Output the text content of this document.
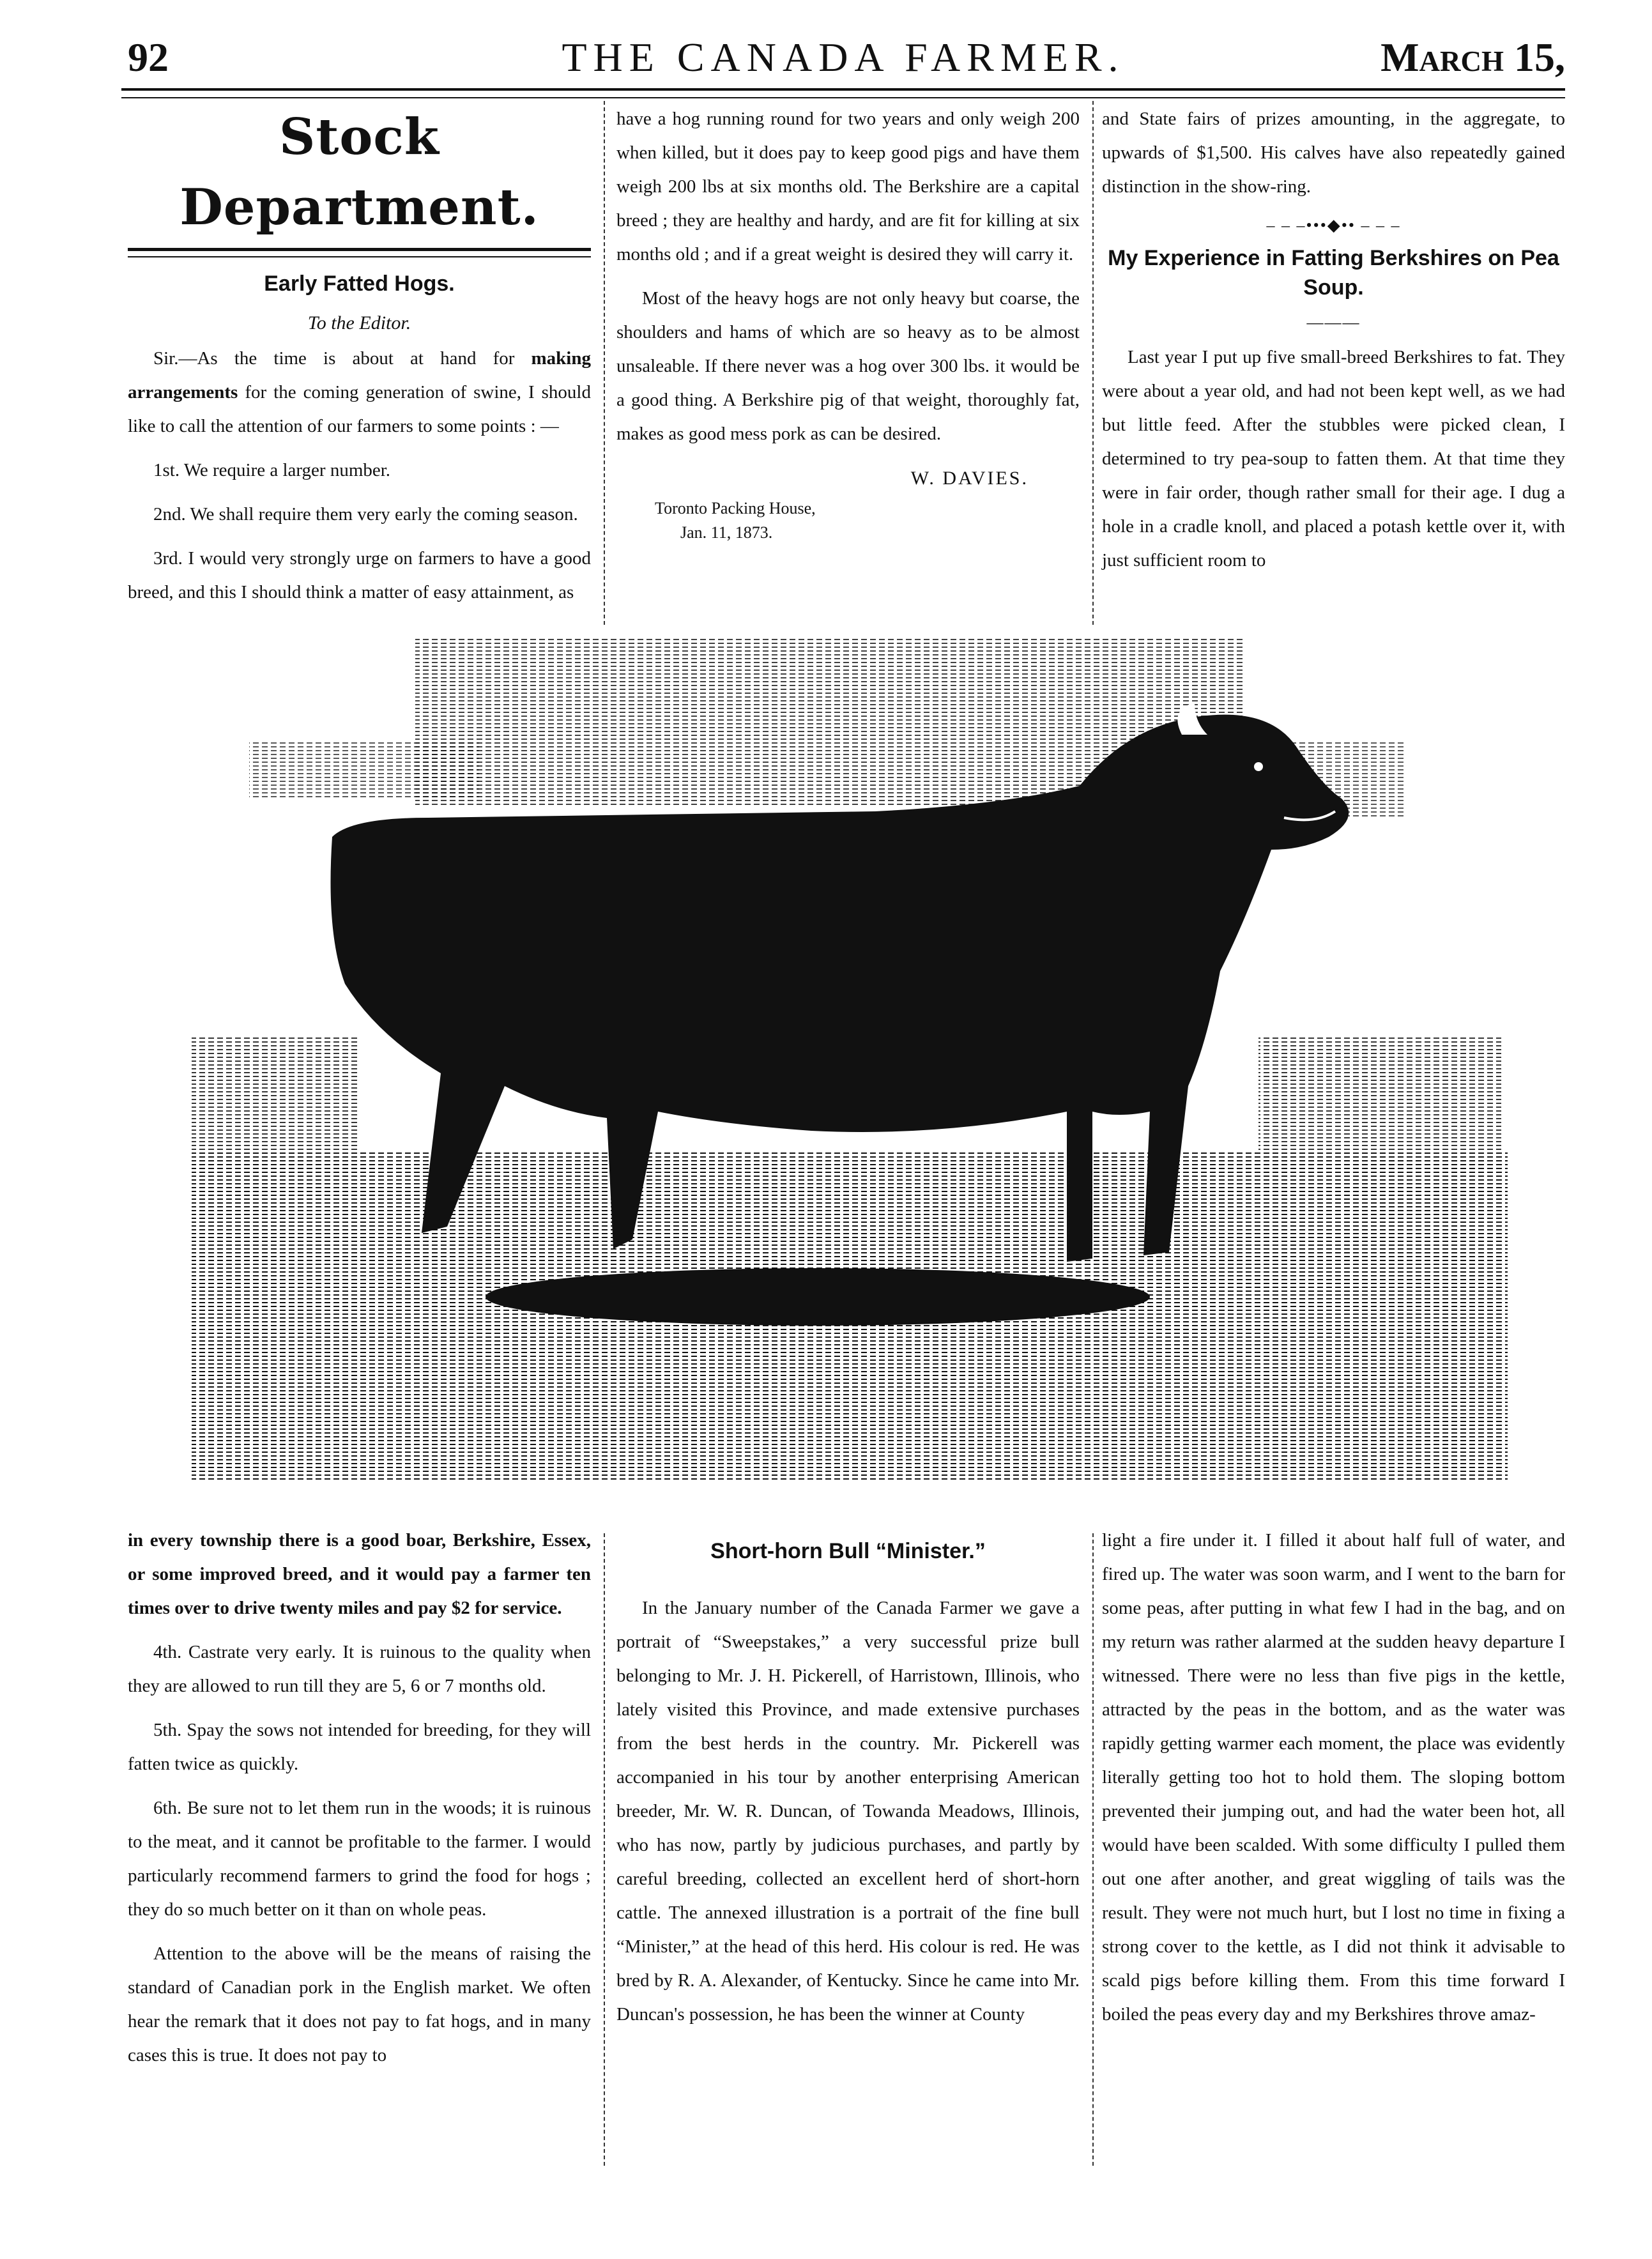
92	THE CANADA FARMER.	March 15,
Stock Department.
Early Fatted Hogs.
To the Editor.

Sir.—As the time is about at hand for making arrangements for the coming generation of swine, I should like to call the attention of our farmers to some points : —

1st. We require a larger number.

2nd. We shall require them very early the coming season.

3rd. I would very strongly urge on farmers to have a good breed, and this I should think a matter of easy attainment, as

have a hog running round for two years and only weigh 200 when killed, but it does pay to keep good pigs and have them weigh 200 lbs at six months old. The Berkshire are a capital breed ; they are healthy and hardy, and are fit for killing at six months old ; and if a great weight is desired they will carry it.

Most of the heavy hogs are not only heavy but coarse, the shoulders and hams of which are so heavy as to be almost unsaleable. If there never was a hog over 300 lbs. it would be a good thing. A Berkshire pig of that weight, thoroughly fat, makes as good mess pork as can be desired.

W. DAVIES.
Toronto Packing House,
Jan. 11, 1873.

and State fairs of prizes amounting, in the aggregate, to upwards of $1,500. His calves have also repeatedly gained distinction in the show-ring.

– – –•••◆•• – – –
My Experience in Fatting Berkshires on Pea Soup.
———

Last year I put up five small-breed Berkshires to fat. They were about a year old, and had not been kept well, as we had but little feed. After the stubbles were picked clean, I determined to try pea-soup to fatten them. At that time they were in fair order, though rather small for their age. I dug a hole in a cradle knoll, and placed a potash kettle over it, with just sufficient room to

in every township there is a good boar, Berkshire, Essex, or some improved breed, and it would pay a farmer ten times over to drive twenty miles and pay $2 for service.

4th. Castrate very early. It is ruinous to the quality when they are allowed to run till they are 5, 6 or 7 months old.

5th. Spay the sows not intended for breeding, for they will fatten twice as quickly.

6th. Be sure not to let them run in the woods; it is ruinous to the meat, and it cannot be profitable to the farmer. I would particularly recommend farmers to grind the food for hogs ; they do so much better on it than on whole peas.

Attention to the above will be the means of raising the standard of Canadian pork in the English market. We often hear the remark that it does not pay to fat hogs, and in many cases this is true. It does not pay to

Short-horn Bull “Minister.”

In the January number of the Canada Farmer we gave a portrait of “Sweepstakes,” a very successful prize bull belonging to Mr. J. H. Pickerell, of Harristown, Illinois, who lately visited this Province, and made extensive purchases from the best herds in the country. Mr. Pickerell was accompanied in his tour by another enterprising American breeder, Mr. W. R. Duncan, of Towanda Meadows, Illinois, who has now, partly by judicious purchases, and partly by careful breeding, collected an excellent herd of short-horn cattle. The annexed illustration is a portrait of the fine bull “Minister,” at the head of this herd. His colour is red. He was bred by R. A. Alexander, of Kentucky. Since he came into Mr. Duncan's possession, he has been the winner at County

light a fire under it. I filled it about half full of water, and fired up. The water was soon warm, and I went to the barn for some peas, after putting in what few I had in the bag, and on my return was rather alarmed at the sudden heavy departure I witnessed. There were no less than five pigs in the kettle, attracted by the peas in the bottom, and as the water was rapidly getting warmer each moment, the place was evidently literally getting too hot to hold them. The sloping bottom prevented their jumping out, and had the water been hot, all would have been scalded. With some difficulty I pulled them out one after another, and great wiggling of tails was the result. They were not much hurt, but I lost no time in fixing a strong cover to the kettle, as I did not think it advisable to scald pigs before killing them. From this time forward I boiled the peas every day and my Berkshires throve amaz-
